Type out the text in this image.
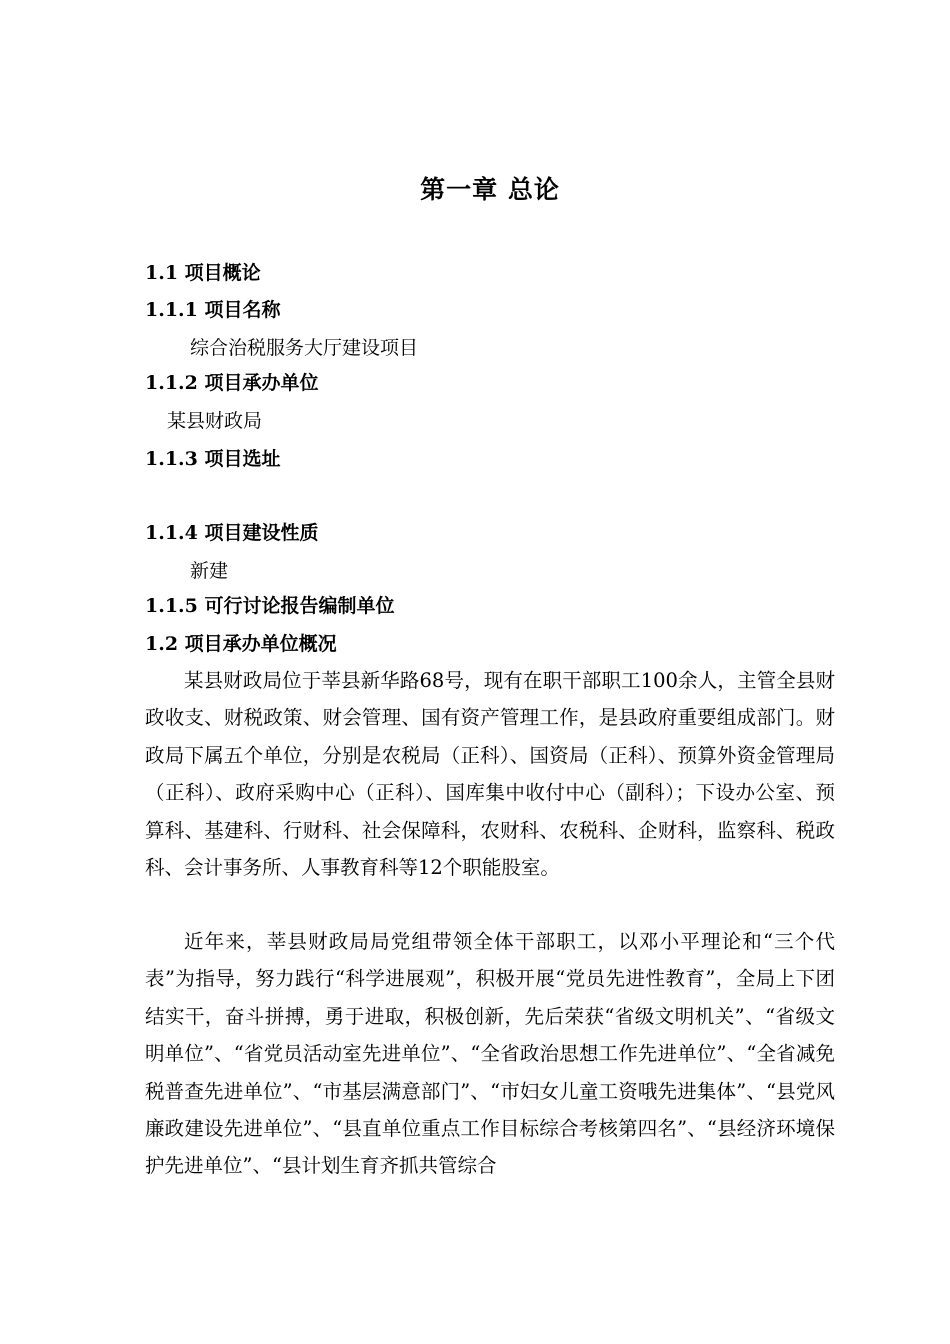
第一章 总论
1.1 项目概论
1.1.1 项目名称
综合治税服务大厅建设项目
1.1.2 项目承办单位
某县财政局
1.1.3 项目选址
1.1.4 项目建设性质
新建
1.1.5 可行讨论报告编制单位
1.2 项目承办单位概况

某县财政局位于莘县新华路68号，现有在职干部职工100余人，主管全县财政收支、财税政策、财会管理、国有资产管理工作，是县政府重要组成部门。财政局下属五个单位，分别是农税局（正科）、国资局（正科）、预算外资金管理局（正科）、政府采购中心（正科）、国库集中收付中心（副科）；下设办公室、预算科、基建科、行财科、社会保障科，农财科、农税科、企财科，监察科、税政科、会计事务所、人事教育科等12个职能股室。

近年来，莘县财政局局党组带领全体干部职工，以邓小平理论和“三个代表”为指导，努力践行“科学进展观”，积极开展“党员先进性教育”，全局上下团结实干，奋斗拼搏，勇于进取，积极创新，先后荣获“省级文明机关”、“省级文明单位”、“省党员活动室先进单位”、“全省政治思想工作先进单位”、“全省减免税普查先进单位”、“市基层满意部门”、“市妇女儿童工资哦先进集体”、“县党风廉政建设先进单位”、“县直单位重点工作目标综合考核第四名”、“县经济环境保护先进单位”、“县计划生育齐抓共管综合
